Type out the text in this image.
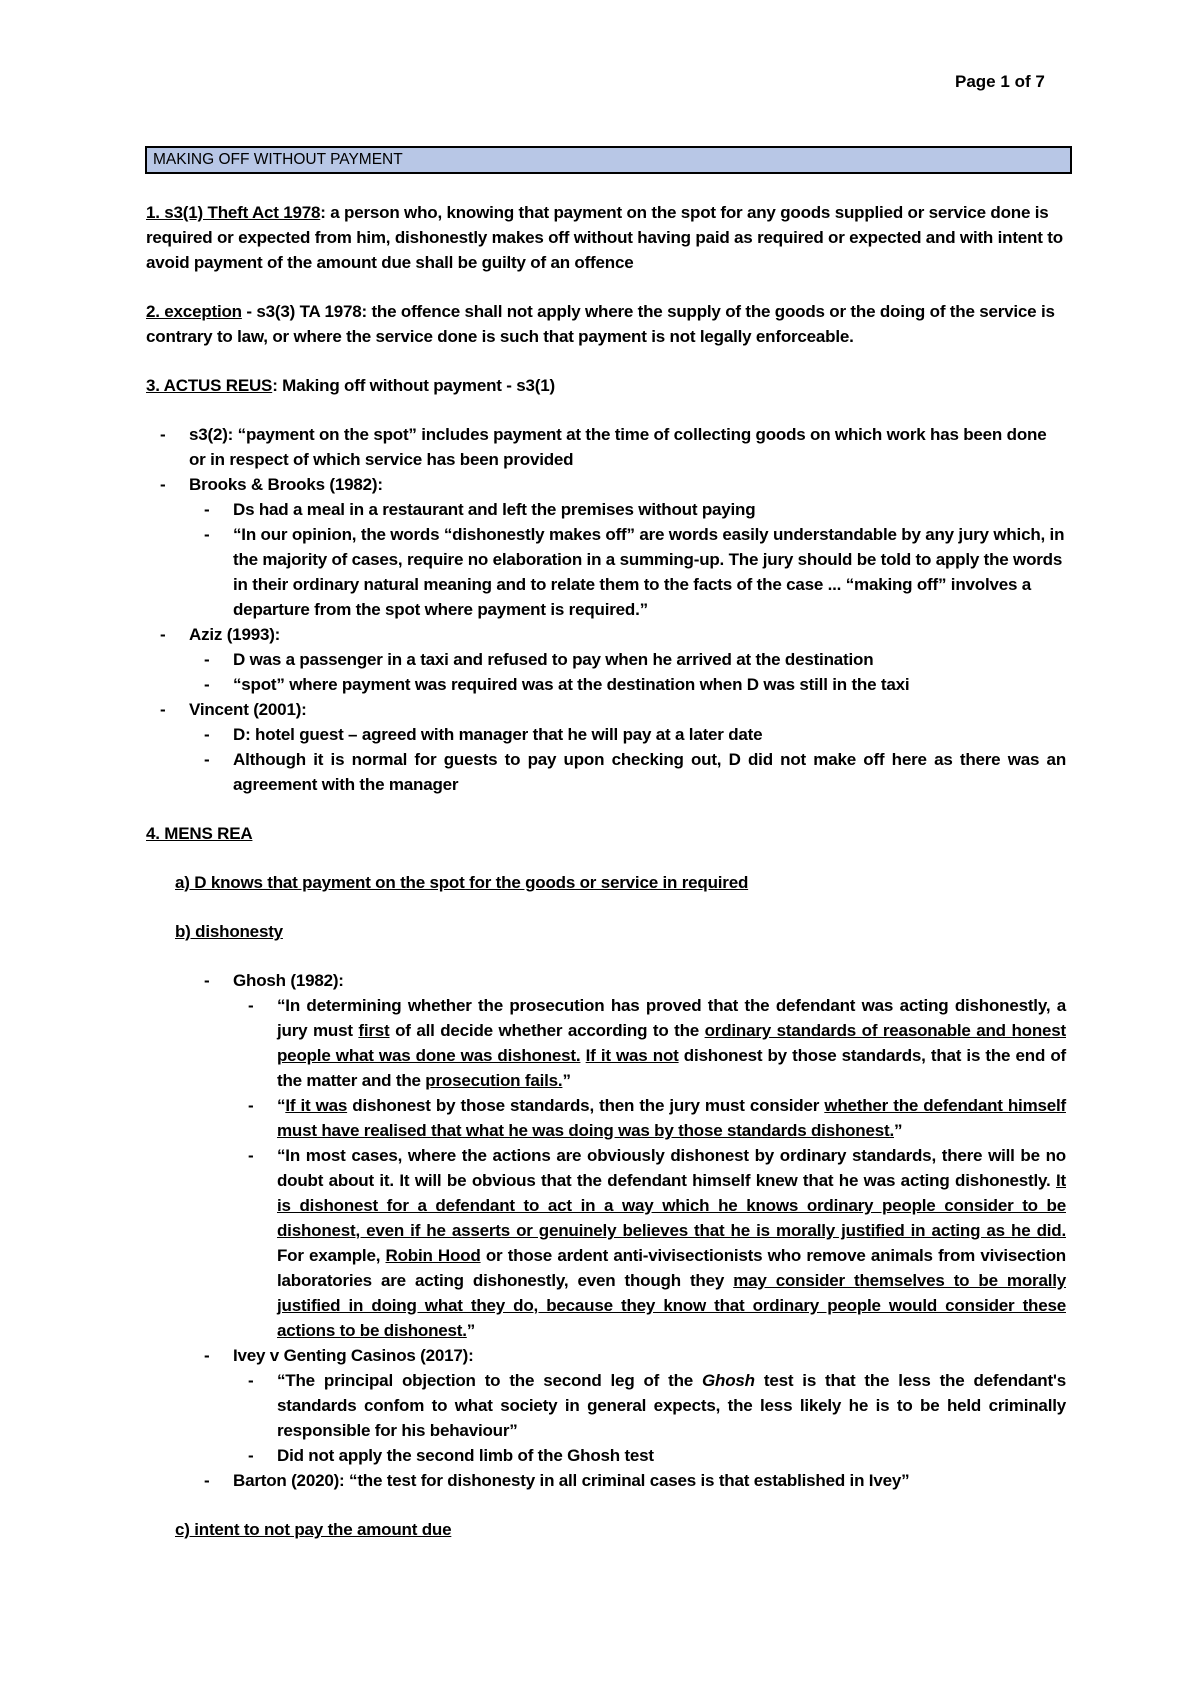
Page 1 of 7
MAKING OFF WITHOUT PAYMENT

1. s3(1) Theft Act 1978: a person who, knowing that payment on the spot for any goods supplied or service done is required or expected from him, dishonestly makes off without having paid as required or expected and with intent to avoid payment of the amount due shall be guilty of an offence

2. exception - s3(3) TA 1978: the offence shall not apply where the supply of the goods or the doing of the service is contrary to law, or where the service done is such that payment is not legally enforceable.

3. ACTUS REUS: Making off without payment - s3(1)

- s3(2): “payment on the spot” includes payment at the time of collecting goods on which work has been done or in respect of which service has been provided
- Brooks & Brooks (1982):
- Ds had a meal in a restaurant and left the premises without paying
- “In our opinion, the words “dishonestly makes off” are words easily understandable by any jury which, in the majority of cases, require no elaboration in a summing-up. The jury should be told to apply the words in their ordinary natural meaning and to relate them to the facts of the case ... “making off” involves a departure from the spot where payment is required.”
- Aziz (1993):
- D was a passenger in a taxi and refused to pay when he arrived at the destination
- “spot” where payment was required was at the destination when D was still in the taxi
- Vincent (2001):
- D: hotel guest – agreed with manager that he will pay at a later date
- Although it is normal for guests to pay upon checking out, D did not make off here as there was an agreement with the manager

4. MENS REA

a) D knows that payment on the spot for the goods or service in required

b) dishonesty

- Ghosh (1982):
- “In determining whether the prosecution has proved that the defendant was acting dishonestly, a jury must first of all decide whether according to the ordinary standards of reasonable and honest people what was done was dishonest. If it was not dishonest by those standards, that is the end of the matter and the prosecution fails.”
- “If it was dishonest by those standards, then the jury must consider whether the defendant himself must have realised that what he was doing was by those standards dishonest.”
- “In most cases, where the actions are obviously dishonest by ordinary standards, there will be no doubt about it. It will be obvious that the defendant himself knew that he was acting dishonestly. It is dishonest for a defendant to act in a way which he knows ordinary people consider to be dishonest, even if he asserts or genuinely believes that he is morally justified in acting as he did. For example, Robin Hood or those ardent anti-vivisectionists who remove animals from vivisection laboratories are acting dishonestly, even though they may consider themselves to be morally justified in doing what they do, because they know that ordinary people would consider these actions to be dishonest.”
- Ivey v Genting Casinos (2017):
- “The principal objection to the second leg of the Ghosh test is that the less the defendant's standards confom to what society in general expects, the less likely he is to be held criminally responsible for his behaviour”
- Did not apply the second limb of the Ghosh test
- Barton (2020): “the test for dishonesty in all criminal cases is that established in Ivey”

c) intent to not pay the amount due
